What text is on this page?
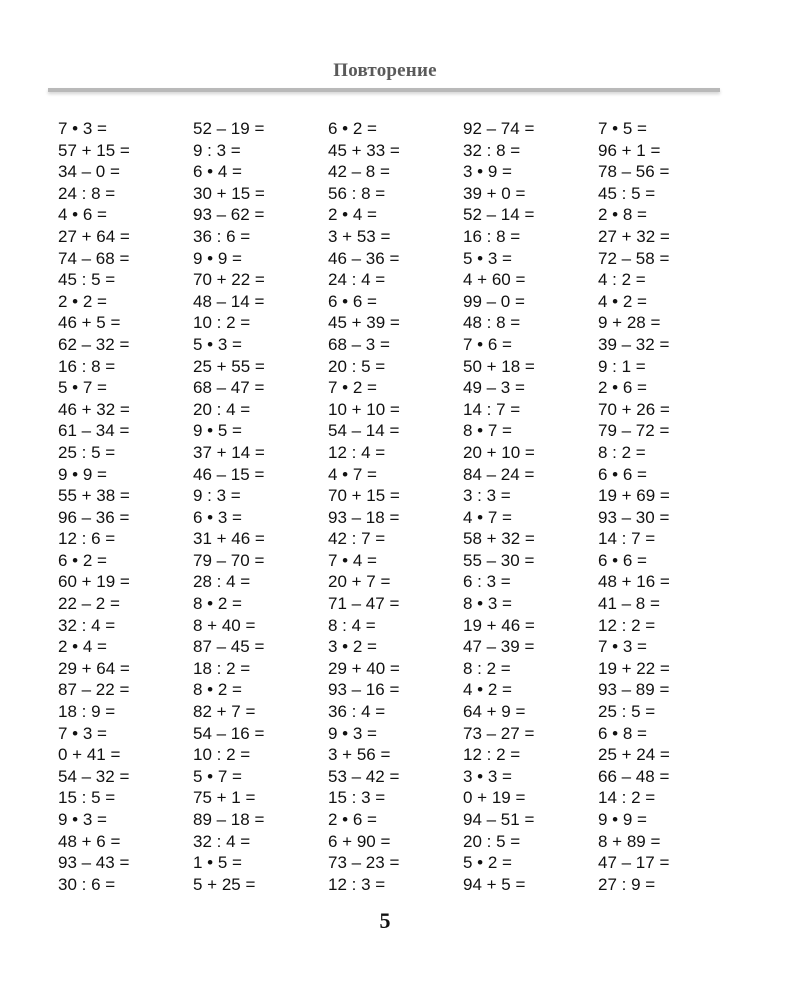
Повторение
7 • 3 =
57 + 15 =
34 – 0 =
24 : 8 =
4 • 6 =
27 + 64 =
74 – 68 =
45 : 5 =
2 • 2 =
46 + 5 =
62 – 32 =
16 : 8 =
5 • 7 =
46 + 32 =
61 – 34 =
25 : 5 =
9 • 9 =
55 + 38 =
96 – 36 =
12 : 6 =
6 • 2 =
60 + 19 =
22 – 2 =
32 : 4 =
2 • 4 =
29 + 64 =
87 – 22 =
18 : 9 =
7 • 3 =
0 + 41 =
54 – 32 =
15 : 5 =
9 • 3 =
48 + 6 =
93 – 43 =
30 : 6 =
52 – 19 =
9 : 3 =
6 • 4 =
30 + 15 =
93 – 62 =
36 : 6 =
9 • 9 =
70 + 22 =
48 – 14 =
10 : 2 =
5 • 3 =
25 + 55 =
68 – 47 =
20 : 4 =
9 • 5 =
37 + 14 =
46 – 15 =
9 : 3 =
6 • 3 =
31 + 46 =
79 – 70 =
28 : 4 =
8 • 2 =
8 + 40 =
87 – 45 =
18 : 2 =
8 • 2 =
82 + 7 =
54 – 16 =
10 : 2 =
5 • 7 =
75 + 1 =
89 – 18 =
32 : 4 =
1 • 5 =
5 + 25 =
6 • 2 =
45 + 33 =
42 – 8 =
56 : 8 =
2 • 4 =
3 + 53 =
46 – 36 =
24 : 4 =
6 • 6 =
45 + 39 =
68 – 3 =
20 : 5 =
7 • 2 =
10 + 10 =
54 – 14 =
12 : 4 =
4 • 7 =
70 + 15 =
93 – 18 =
42 : 7 =
7 • 4 =
20 + 7 =
71 – 47 =
8 : 4 =
3 • 2 =
29 + 40 =
93 – 16 =
36 : 4 =
9 • 3 =
3 + 56 =
53 – 42 =
15 : 3 =
2 • 6 =
6 + 90 =
73 – 23 =
12 : 3 =
92 – 74 =
32 : 8 =
3 • 9 =
39 + 0 =
52 – 14 =
16 : 8 =
5 • 3 =
4 + 60 =
99 – 0 =
48 : 8 =
7 • 6 =
50 + 18 =
49 – 3 =
14 : 7 =
8 • 7 =
20 + 10 =
84 – 24 =
3 : 3 =
4 • 7 =
58 + 32 =
55 – 30 =
6 : 3 =
8 • 3 =
19 + 46 =
47 – 39 =
8 : 2 =
4 • 2 =
64 + 9 =
73 – 27 =
12 : 2 =
3 • 3 =
0 + 19 =
94 – 51 =
20 : 5 =
5 • 2 =
94 + 5 =
7 • 5 =
96 + 1 =
78 – 56 =
45 : 5 =
2 • 8 =
27 + 32 =
72 – 58 =
4 : 2 =
4 • 2 =
9 + 28 =
39 – 32 =
9 : 1 =
2 • 6 =
70 + 26 =
79 – 72 =
8 : 2 =
6 • 6 =
19 + 69 =
93 – 30 =
14 : 7 =
6 • 6 =
48 + 16 =
41 – 8 =
12 : 2 =
7 • 3 =
19 + 22 =
93 – 89 =
25 : 5 =
6 • 8 =
25 + 24 =
66 – 48 =
14 : 2 =
9 • 9 =
8 + 89 =
47 – 17 =
27 : 9 =
5
